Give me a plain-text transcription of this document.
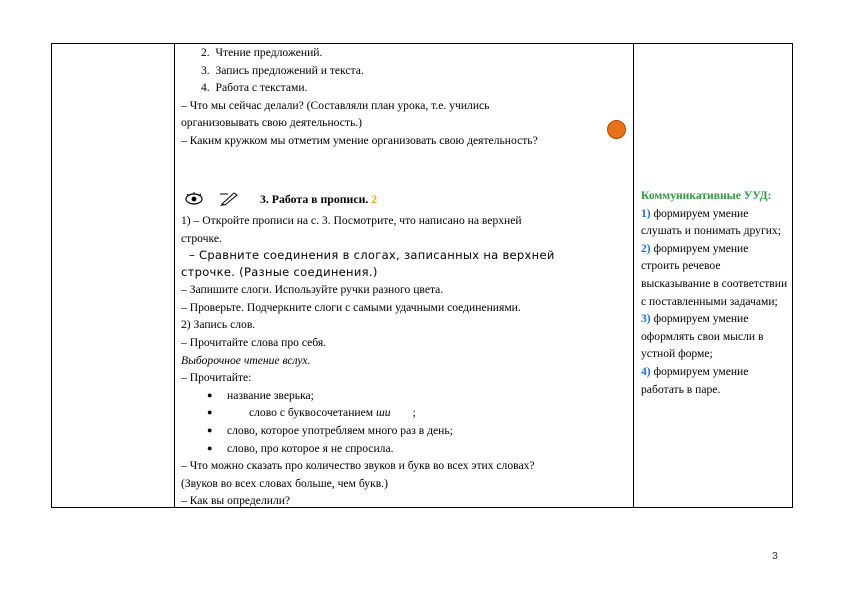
2. Чтение предложений.
3. Запись предложений и текста.
4. Работа с текстами.
– Что мы сейчас делали? (Составляли план урока, т.е. учились
организовывать свою деятельность.)
– Каким кружком мы отметим умение организовать свою деятельность?
3. Работа в прописи. 2
1) – Откройте прописи на с. 3. Посмотрите, что написано на верхней
строчке.
– Сравните соединения в слогах, записанных на верхней
строчке. (Разные соединения.)
– Запишите слоги. Используйте ручки разного цвета.
– Проверьте. Подчеркните слоги с самыми удачными соединениями.
2) Запись слов.
– Прочитайте слова про себя.
Выборочное чтение вслух.
– Прочитайте:
● название зверька;
● слово с буквосочетанием ши ;
● слово, которое употребляем много раз в день;
● слово, про которое я не спросила.
– Что можно сказать про количество звуков и букв во всех этих словах?
(Звуков во всех словах больше, чем букв.)
– Как вы определили?
Коммуникативные УУД:
1) формируем умение
слушать и понимать других;
2) формируем умение
строить речевое
высказывание в соответствии
с поставленными задачами;
3) формируем умение
оформлять свои мысли в
устной форме;
4) формируем умение
работать в паре.
3
